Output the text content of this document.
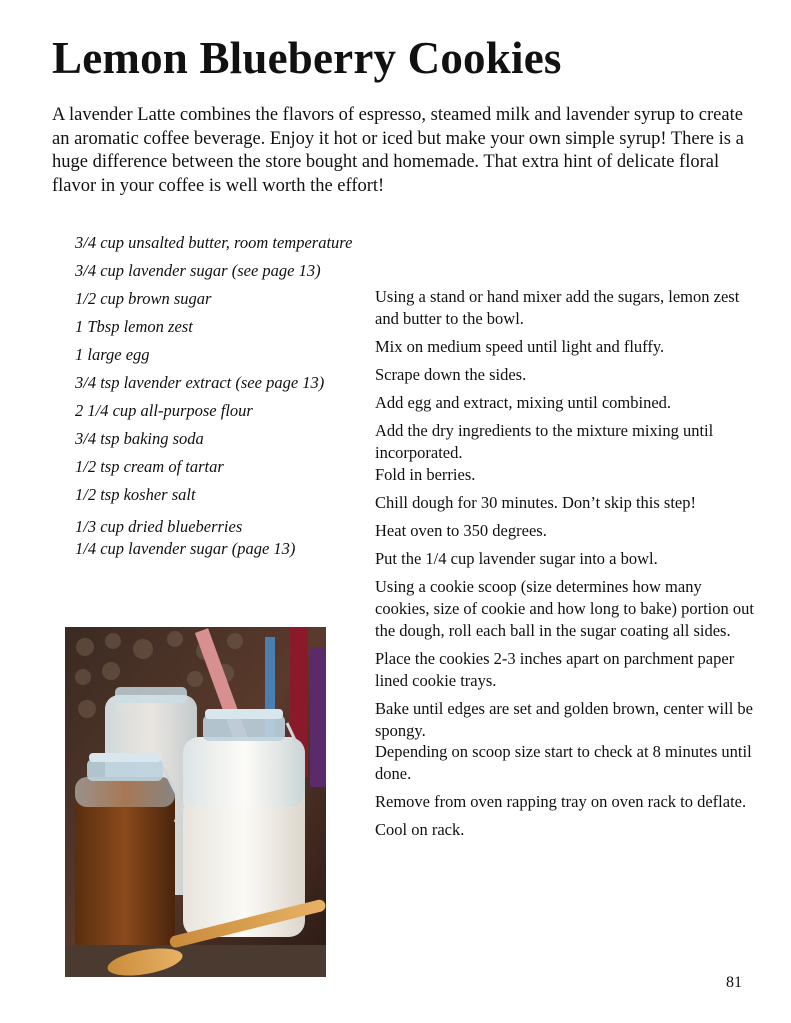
Lemon Blueberry Cookies

A lavender Latte combines the flavors of espresso, steamed milk and lavender syrup to create an aromatic coffee beverage. Enjoy it hot or iced but make your own simple syrup! There is a huge difference between the store bought and homemade. That extra hint of delicate floral flavor in your coffee is well worth the effort!

3/4 cup unsalted butter, room temperature
3/4 cup lavender sugar (see page 13)
1/2 cup brown sugar
1 Tbsp lemon zest
1 large egg
3/4 tsp lavender extract (see page 13)
2 1/4 cup all-purpose flour
3/4 tsp baking soda
1/2 tsp cream of tartar
1/2 tsp kosher salt
1/3 cup dried blueberries
1/4 cup lavender sugar (page 13)
Using a stand or hand mixer add the sugars, lemon zest and butter to the bowl.
Mix on medium speed until light and fluffy.
Scrape down the sides.
Add egg and extract, mixing until combined.
Add the dry ingredients to the mixture mixing until incorporated.
Fold in berries.
Chill dough for 30 minutes. Don’t skip this step!
Heat oven to 350 degrees.
Put the 1/4 cup lavender sugar into a bowl.
Using a cookie scoop (size determines how many cookies, size of cookie and how long to bake) portion out the dough, roll each ball in the sugar coating all sides.
Place the cookies 2-3 inches apart on parchment paper lined cookie trays.
Bake until edges are set and golden brown, center will be spongy.
Depending on scoop size start to check at 8 minutes until done.
Remove from oven rapping tray on oven rack to deflate.
Cool on rack.
81
